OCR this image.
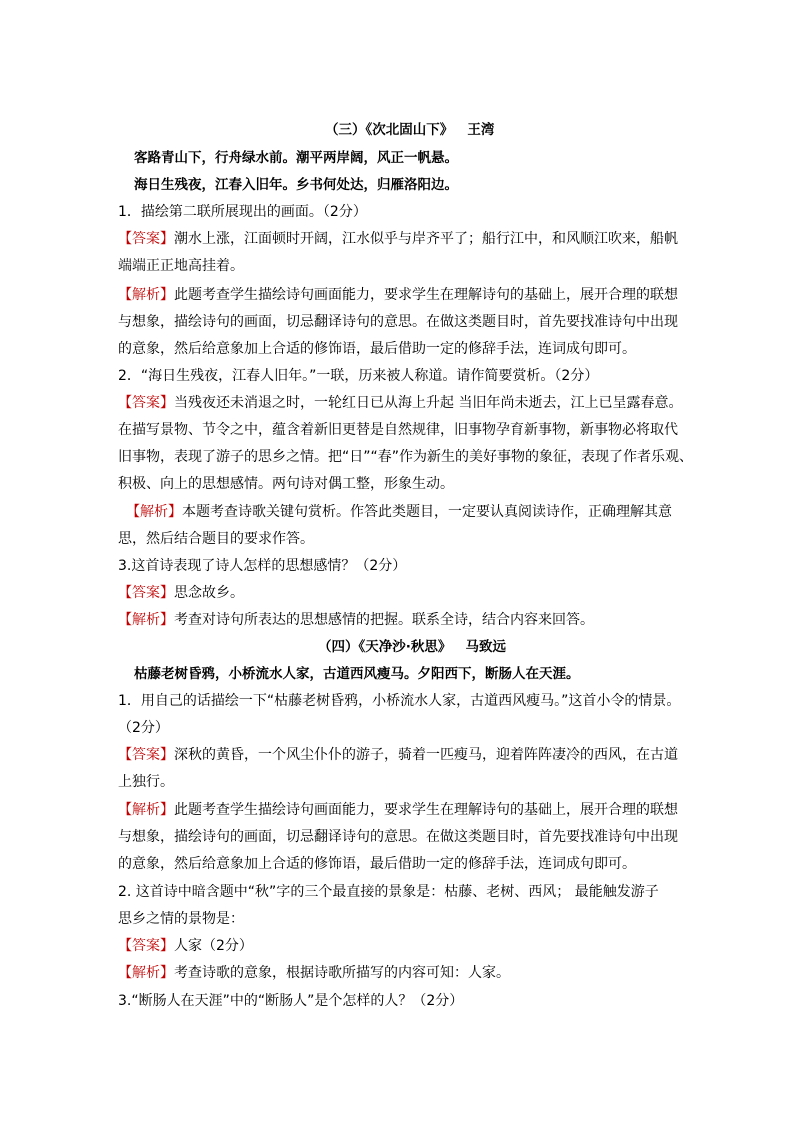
（三）《次北固山下》 王湾
客路青山下，行舟绿水前。潮平两岸阔，风正一帆悬。
海日生残夜，江春入旧年。乡书何处达，归雁洛阳边。
1．描绘第二联所展现出的画面。（2分）
【答案】潮水上涨，江面顿时开阔，江水似乎与岸齐平了；船行江中，和风顺江吹来，船帆
端端正正地高挂着。
【解析】此题考查学生描绘诗句画面能力，要求学生在理解诗句的基础上，展开合理的联想
与想象，描绘诗句的画面，切忌翻译诗句的意思。在做这类题目时，首先要找准诗句中出现
的意象，然后给意象加上合适的修饰语，最后借助一定的修辞手法，连词成句即可。
2．“海日生残夜，江春人旧年。”一联，历来被人称道。请作简要赏析。（2分）
【答案】当残夜还未消退之时，一轮红日已从海上升起 当旧年尚未逝去，江上已呈露春意。
在描写景物、节令之中，蕴含着新旧更替是自然规律，旧事物孕育新事物，新事物必将取代
旧事物，表现了游子的思乡之情。把“日”“春”作为新生的美好事物的象征，表现了作者乐观、
积极、向上的思想感情。两句诗对偶工整，形象生动。
【解析】本题考查诗歌关键句赏析。作答此类题目，一定要认真阅读诗作，正确理解其意
思，然后结合题目的要求作答。
3.这首诗表现了诗人怎样的思想感情？（2分）
【答案】思念故乡。
【解析】考查对诗句所表达的思想感情的把握。联系全诗，结合内容来回答。
（四）《天净沙·秋思》 马致远
枯藤老树昏鸦，小桥流水人家，古道西风瘦马。夕阳西下，断肠人在天涯。
1．用自己的话描绘一下“枯藤老树昏鸦，小桥流水人家，古道西风瘦马。”这首小令的情景。
（2分）
【答案】深秋的黄昏，一个风尘仆仆的游子，骑着一匹瘦马，迎着阵阵凄冷的西风，在古道
上独行。
【解析】此题考查学生描绘诗句画面能力，要求学生在理解诗句的基础上，展开合理的联想
与想象，描绘诗句的画面，切忌翻译诗句的意思。在做这类题目时，首先要找准诗句中出现
的意象，然后给意象加上合适的修饰语，最后借助一定的修辞手法，连词成句即可。
2. 这首诗中暗含题中“秋”字的三个最直接的景象是：枯藤、老树、西风； 最能触发游子
思乡之情的景物是：
【答案】人家（2分）
【解析】考查诗歌的意象，根据诗歌所描写的内容可知：人家。
3.“断肠人在天涯”中的“断肠人”是个怎样的人？（2分）
